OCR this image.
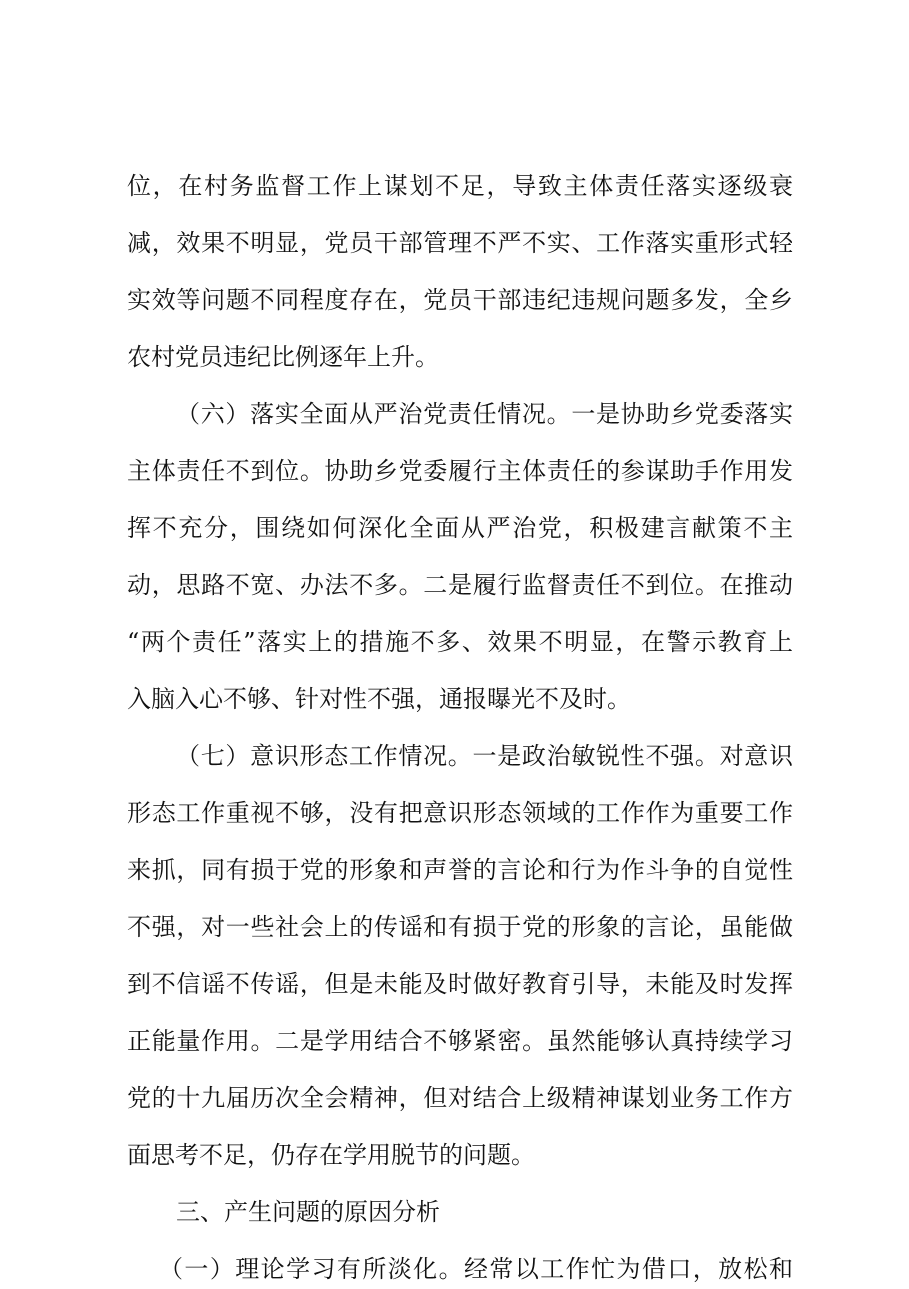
位，在村务监督工作上谋划不足，导致主体责任落实逐级衰
减，效果不明显，党员干部管理不严不实、工作落实重形式轻
实效等问题不同程度存在，党员干部违纪违规问题多发，全乡
农村党员违纪比例逐年上升。
（六）落实全面从严治党责任情况。一是协助乡党委落实
主体责任不到位。协助乡党委履行主体责任的参谋助手作用发
挥不充分，围绕如何深化全面从严治党，积极建言献策不主
动，思路不宽、办法不多。二是履行监督责任不到位。在推动
“两个责任”落实上的措施不多、效果不明显，在警示教育上
入脑入心不够、针对性不强，通报曝光不及时。
（七）意识形态工作情况。一是政治敏锐性不强。对意识
形态工作重视不够，没有把意识形态领域的工作作为重要工作
来抓，同有损于党的形象和声誉的言论和行为作斗争的自觉性
不强，对一些社会上的传谣和有损于党的形象的言论，虽能做
到不信谣不传谣，但是未能及时做好教育引导，未能及时发挥
正能量作用。二是学用结合不够紧密。虽然能够认真持续学习
党的十九届历次全会精神，但对结合上级精神谋划业务工作方
面思考不足，仍存在学用脱节的问题。
三、产生问题的原因分析
（一）理论学习有所淡化。经常以工作忙为借口，放松和
